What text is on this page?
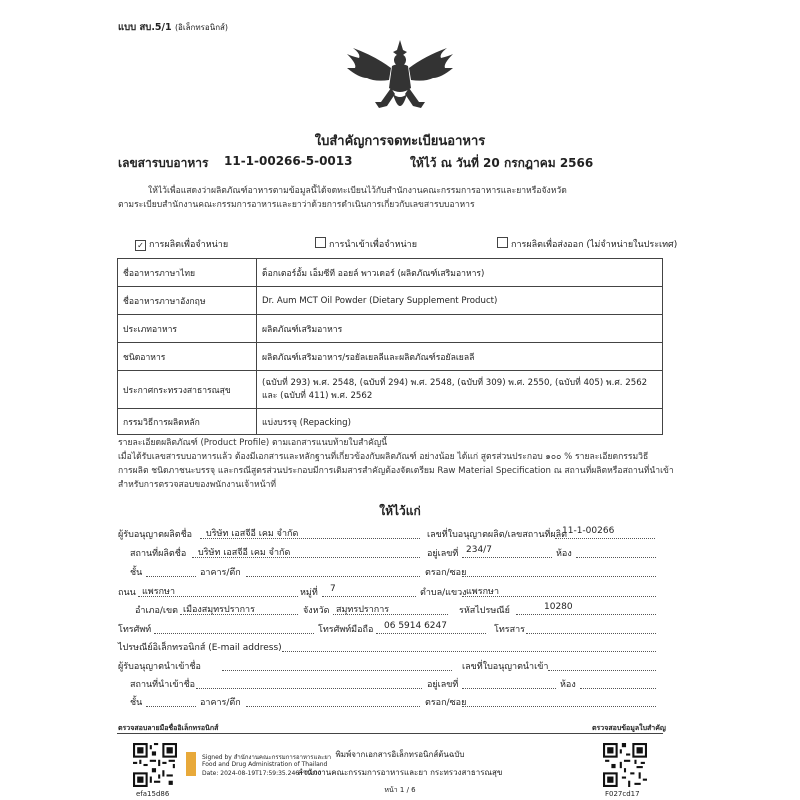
แบบ สบ.5/1 (อิเล็กทรอนิกส์)
ใบสำคัญการจดทะเบียนอาหาร
เลขสารบบอาหาร 11-1-00266-5-0013	ให้ไว้ ณ วันที่ 20 กรกฎาคม 2566
ให้ไว้เพื่อแสดงว่าผลิตภัณฑ์อาหารตามข้อมูลนี้ได้จดทะเบียนไว้กับสำนักงานคณะกรรมการอาหารและยาหรือจังหวัด
ตามระเบียบสำนักงานคณะกรรมการอาหารและยาว่าด้วยการดำเนินการเกี่ยวกับเลขสารบบอาหาร
✓ การผลิตเพื่อจำหน่าย	การนำเข้าเพื่อจำหน่าย	การผลิตเพื่อส่งออก (ไม่จำหน่ายในประเทศ)
ชื่ออาหารภาษาไทย	ด็อกเตอร์อั้ม เอ็มซีที ออยล์ พาวเดอร์ (ผลิตภัณฑ์เสริมอาหาร)
ชื่ออาหารภาษาอังกฤษ	Dr. Aum MCT Oil Powder (Dietary Supplement Product)
ประเภทอาหาร	ผลิตภัณฑ์เสริมอาหาร
ชนิดอาหาร	ผลิตภัณฑ์เสริมอาหาร/รอยัลเยลลีและผลิตภัณฑ์รอยัลเยลลี
ประกาศกระทรวงสาธารณสุข	(ฉบับที่ 293) พ.ศ. 2548, (ฉบับที่ 294) พ.ศ. 2548, (ฉบับที่ 309) พ.ศ. 2550, (ฉบับที่ 405) พ.ศ. 2562 และ (ฉบับที่ 411) พ.ศ. 2562
กรรมวิธีการผลิตหลัก	แบ่งบรรจุ (Repacking)
รายละเอียดผลิตภัณฑ์ (Product Profile) ตามเอกสารแนบท้ายใบสำคัญนี้
เมื่อได้รับเลขสารบบอาหารแล้ว ต้องมีเอกสารและหลักฐานที่เกี่ยวข้องกับผลิตภัณฑ์ อย่างน้อย ได้แก่ สูตรส่วนประกอบ ๑๐๐ % รายละเอียดกรรมวิธี
การผลิต ชนิดภาชนะบรรจุ และกรณีสูตรส่วนประกอบมีการเติมสารสำคัญต้องจัดเตรียม Raw Material Specification ณ สถานที่ผลิตหรือสถานที่นำเข้า
สำหรับการตรวจสอบของพนักงานเจ้าหน้าที่
ให้ไว้แก่
ผู้รับอนุญาตผลิตชื่อ บริษัท เอสจีอี เคม จำกัด	เลขที่ใบอนุญาตผลิต/เลขสถานที่ผลิต
11-1-00266
สถานที่ผลิตชื่อ บริษัท เอสจีอี เคม จำกัด	อยู่เลขที่ 234/7	ห้อง
ชั้น	อาคาร/ตึก	ตรอก/ซอย
ถนน แพรกษา	หมู่ที่ 7	ตำบล/แขวง แพรกษา
อำเภอ/เขต เมืองสมุทรปราการ	จังหวัด สมุทรปราการ	รหัสไปรษณีย์	10280
โทรศัพท์	โทรศัพท์มือถือ 06 5914 6247	โทรสาร
ไปรษณีย์อิเล็กทรอนิกส์ (E-mail address)
ผู้รับอนุญาตนำเข้าชื่อ	เลขที่ใบอนุญาตนำเข้า
สถานที่นำเข้าชื่อ	อยู่เลขที่	ห้อง
ชั้น	อาคาร/ตึก	ตรอก/ซอย
ตรวจสอบลายมือชื่ออิเล็กทรอนิกส์	ตรวจสอบข้อมูลใบสำคัญ
efa15d86
Signed by สำนักงานคณะกรรมการอาหารและยา
Food and Drug Administration of Thailand
Date: 2024-08-19T17:59:35.246+07:00
พิมพ์จากเอกสารอิเล็กทรอนิกส์ต้นฉบับ
สำนักงานคณะกรรมการอาหารและยา กระทรวงสาธารณสุข
หน้า 1 / 6	F027cd17
